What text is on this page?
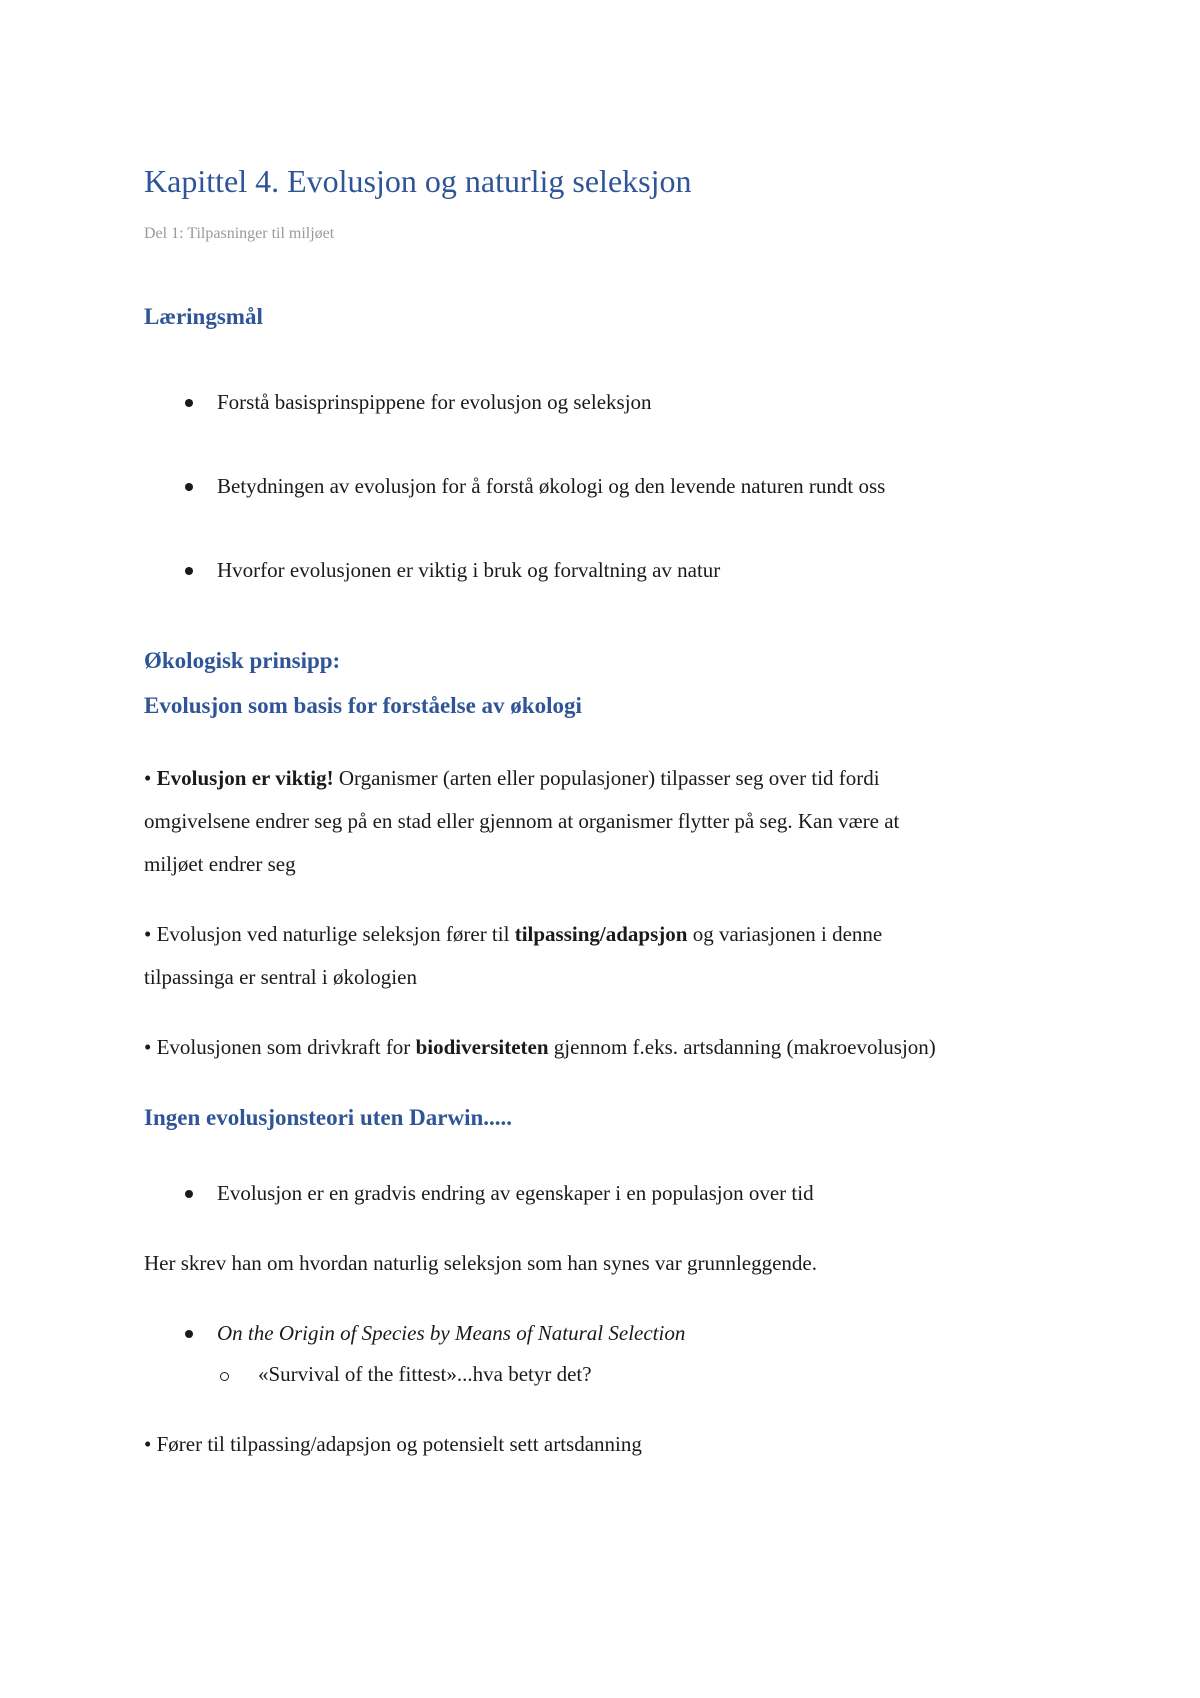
Kapittel 4. Evolusjon og naturlig seleksjon

Del 1: Tilpasninger til miljøet

Læringsmål

Forstå basisprinspippene for evolusjon og seleksjon

Betydningen av evolusjon for å forstå økologi og den levende naturen rundt oss

Hvorfor evolusjonen er viktig i bruk og forvaltning av natur

Økologisk prinsipp:
Evolusjon som basis for forståelse av økologi

• Evolusjon er viktig! Organismer (arten eller populasjoner) tilpasser seg over tid fordi

omgivelsene endrer seg på en stad eller gjennom at organismer flytter på seg. Kan være at

miljøet endrer seg

• Evolusjon ved naturlige seleksjon fører til tilpassing/adapsjon og variasjonen i denne

tilpassinga er sentral i økologien

• Evolusjonen som drivkraft for biodiversiteten gjennom f.eks. artsdanning (makroevolusjon)

Ingen evolusjonsteori uten Darwin.....

Evolusjon er en gradvis endring av egenskaper i en populasjon over tid

Her skrev han om hvordan naturlig seleksjon som han synes var grunnleggende.

On the Origin of Species by Means of Natural Selection

«Survival of the fittest»...hva betyr det?

• Fører til tilpassing/adapsjon og potensielt sett artsdanning
